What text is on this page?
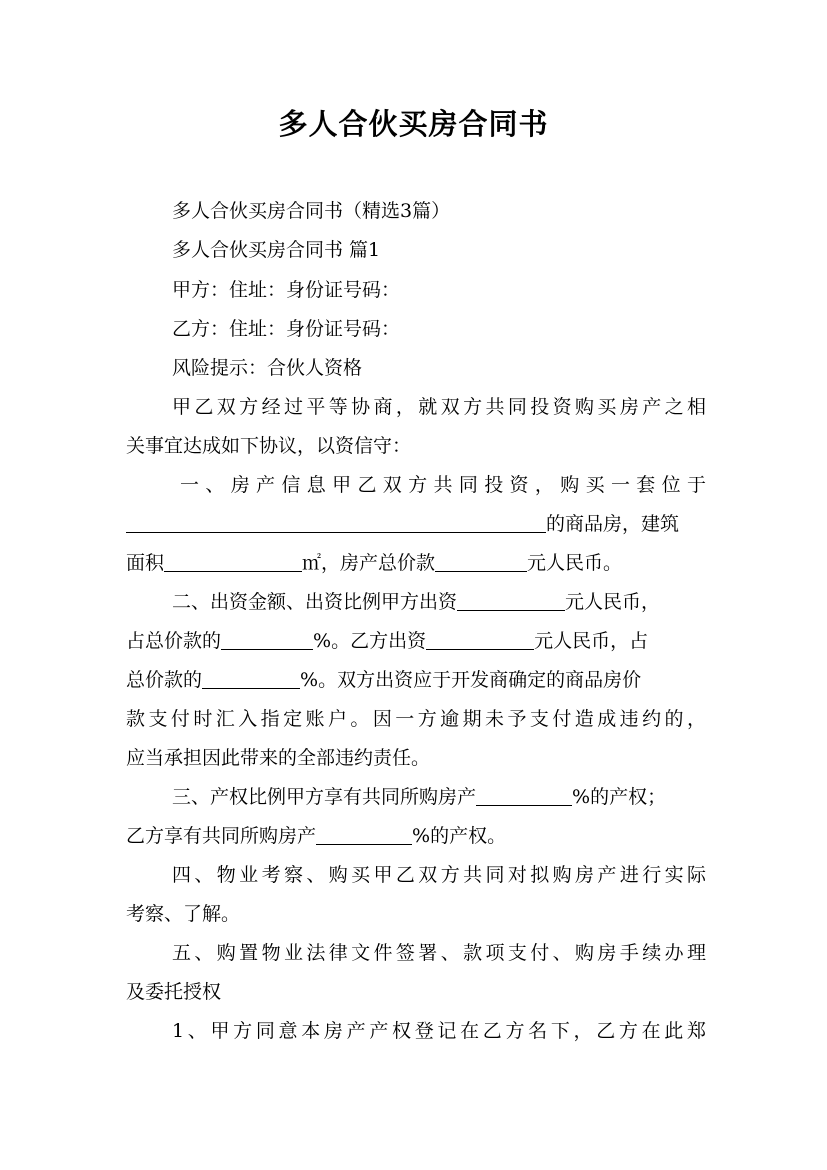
多人合伙买房合同书

多人合伙买房合同书（精选3篇）

多人合伙买房合同书 篇1

甲方：住址：身份证号码：

乙方：住址：身份证号码：

风险提示：合伙人资格

甲乙双方经过平等协商，就双方共同投资购买房产之相

关事宜达成如下协议，以资信守：

一、房产信息甲乙双方共同投资，购买一套位于

的商品房，建筑

面积	㎡，房产总价款	元人民币。

二、出资金额、出资比例甲方出资	元人民币，

占总价款的	%。乙方出资	元人民币，占

总价款的	%。双方出资应于开发商确定的商品房价

款支付时汇入指定账户。因一方逾期未予支付造成违约的，

应当承担因此带来的全部违约责任。

三、产权比例甲方享有共同所购房产	%的产权；

乙方享有共同所购房产	%的产权。

四、物业考察、购买甲乙双方共同对拟购房产进行实际

考察、了解。

五、购置物业法律文件签署、款项支付、购房手续办理

及委托授权

1、甲方同意本房产产权登记在乙方名下，乙方在此郑
